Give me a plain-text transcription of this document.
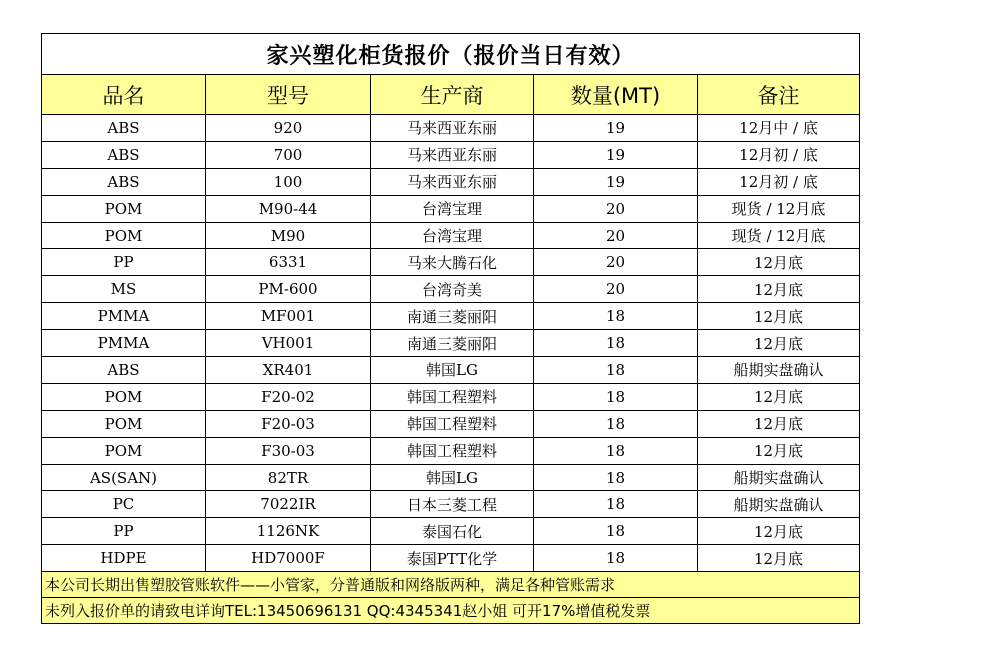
家兴塑化柜货报价（报价当日有效）				
品名	型号	生产商	数量(MT)	备注
ABS	920	马来西亚东丽	19	12月中 / 底
ABS	700	马来西亚东丽	19	12月初 / 底
ABS	100	马来西亚东丽	19	12月初 / 底
POM	M90-44	台湾宝理	20	现货 / 12月底
POM	M90	台湾宝理	20	现货 / 12月底
PP	6331	马来大腾石化	20	12月底
MS	PM-600	台湾奇美	20	12月底
PMMA	MF001	南通三菱丽阳	18	12月底
PMMA	VH001	南通三菱丽阳	18	12月底
ABS	XR401	韩国LG	18	船期实盘确认
POM	F20-02	韩国工程塑料	18	12月底
POM	F20-03	韩国工程塑料	18	12月底
POM	F30-03	韩国工程塑料	18	12月底
AS(SAN)	82TR	韩国LG	18	船期实盘确认
PC	7022IR	日本三菱工程	18	船期实盘确认
PP	1126NK	泰国石化	18	12月底
HDPE	HD7000F	泰国PTT化学	18	12月底
本公司长期出售塑胶管账软件——小管家，分普通版和网络版两种，满足各种管账需求				
未列入报价单的请致电详询TEL:13450696131 QQ:4345341赵小姐 可开17%增值税发票				
